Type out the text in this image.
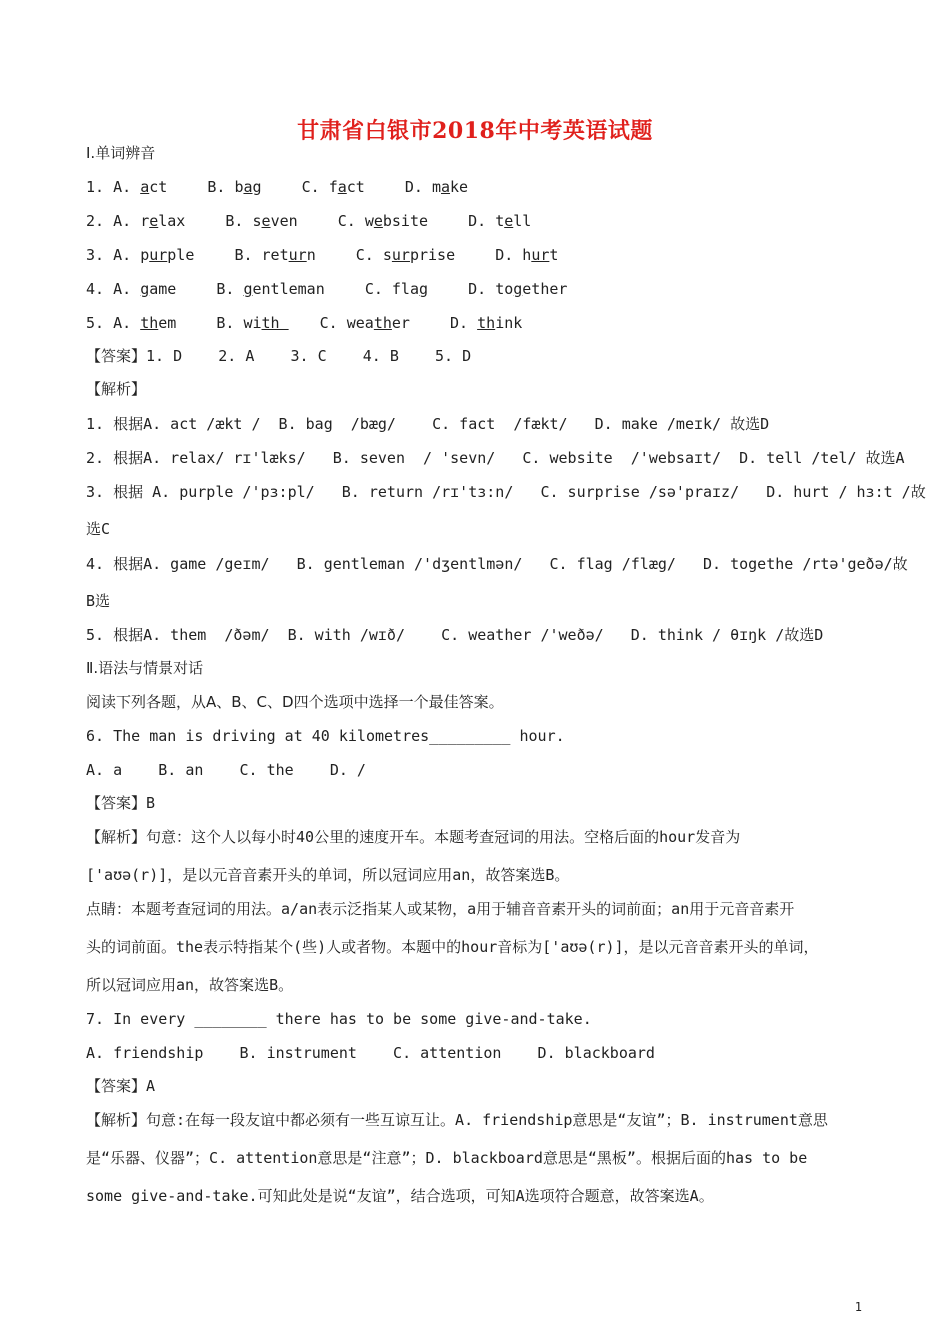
甘肃省白银市2018年中考英语试题
I.单词辨音
1. A. act	B. bag	C. fact	D. make
2. A. relax	B. seven	C. website	D. tell
3. A. purple	B. return	C. surprise	D. hurt
4. A. game	B. gentleman	C. flag	D. together
5. A. them	B. with  C. weather	D. think
【答案】1. D    2. A    3. C    4. B    5. D
【解析】
1. 根据A. act /ækt /  B. bag  /bæg/    C. fact  /fækt/   D. make /meɪk/ 故选D
2. 根据A. relax/ rɪ'læks/   B. seven  / 'sevn/   C. website  /'websaɪt/  D. tell /tel/ 故选A
3. 根据 A. purple /'pɜ:pl/   B. return /rɪ'tɜ:n/   C. surprise /sə'praɪz/   D. hurt / hɜ:t /故
选C
4. 根据A. game /geɪm/   B. gentleman /'dʒentlmən/   C. flag /flæg/   D. togethe /rtə'geðə/故
B选
5. 根据A. them  /ðəm/  B. with /wɪð/    C. weather /'weðə/   D. think / θɪŋk /故选D
Ⅱ.语法与情景对话
阅读下列各题，从A、B、C、D四个选项中选择一个最佳答案。
6. The man is driving at 40 kilometres_________ hour.
A. a    B. an    C. the    D. /
【答案】B
【解析】句意：这个人以每小时40公里的速度开车。本题考查冠词的用法。空格后面的hour发音为
['aʊə(r)]，是以元音音素开头的单词，所以冠词应用an，故答案选B。
点睛：本题考查冠词的用法。a/an表示泛指某人或某物，a用于辅音音素开头的词前面；an用于元音音素开
头的词前面。the表示特指某个(些)人或者物。本题中的hour音标为['aʊə(r)]，是以元音音素开头的单词，
所以冠词应用an，故答案选B。
7. In every ________ there has to be some give-and-take.
A. friendship    B. instrument    C. attention    D. blackboard
【答案】A
【解析】句意:在每一段友谊中都必须有一些互谅互让。A. friendship意思是“友谊”；B. instrument意思
是“乐器、仪器”；C. attention意思是“注意”；D. blackboard意思是“黑板”。根据后面的has to be
some give-and-take.可知此处是说“友谊”，结合选项，可知A选项符合题意，故答案选A。
1
